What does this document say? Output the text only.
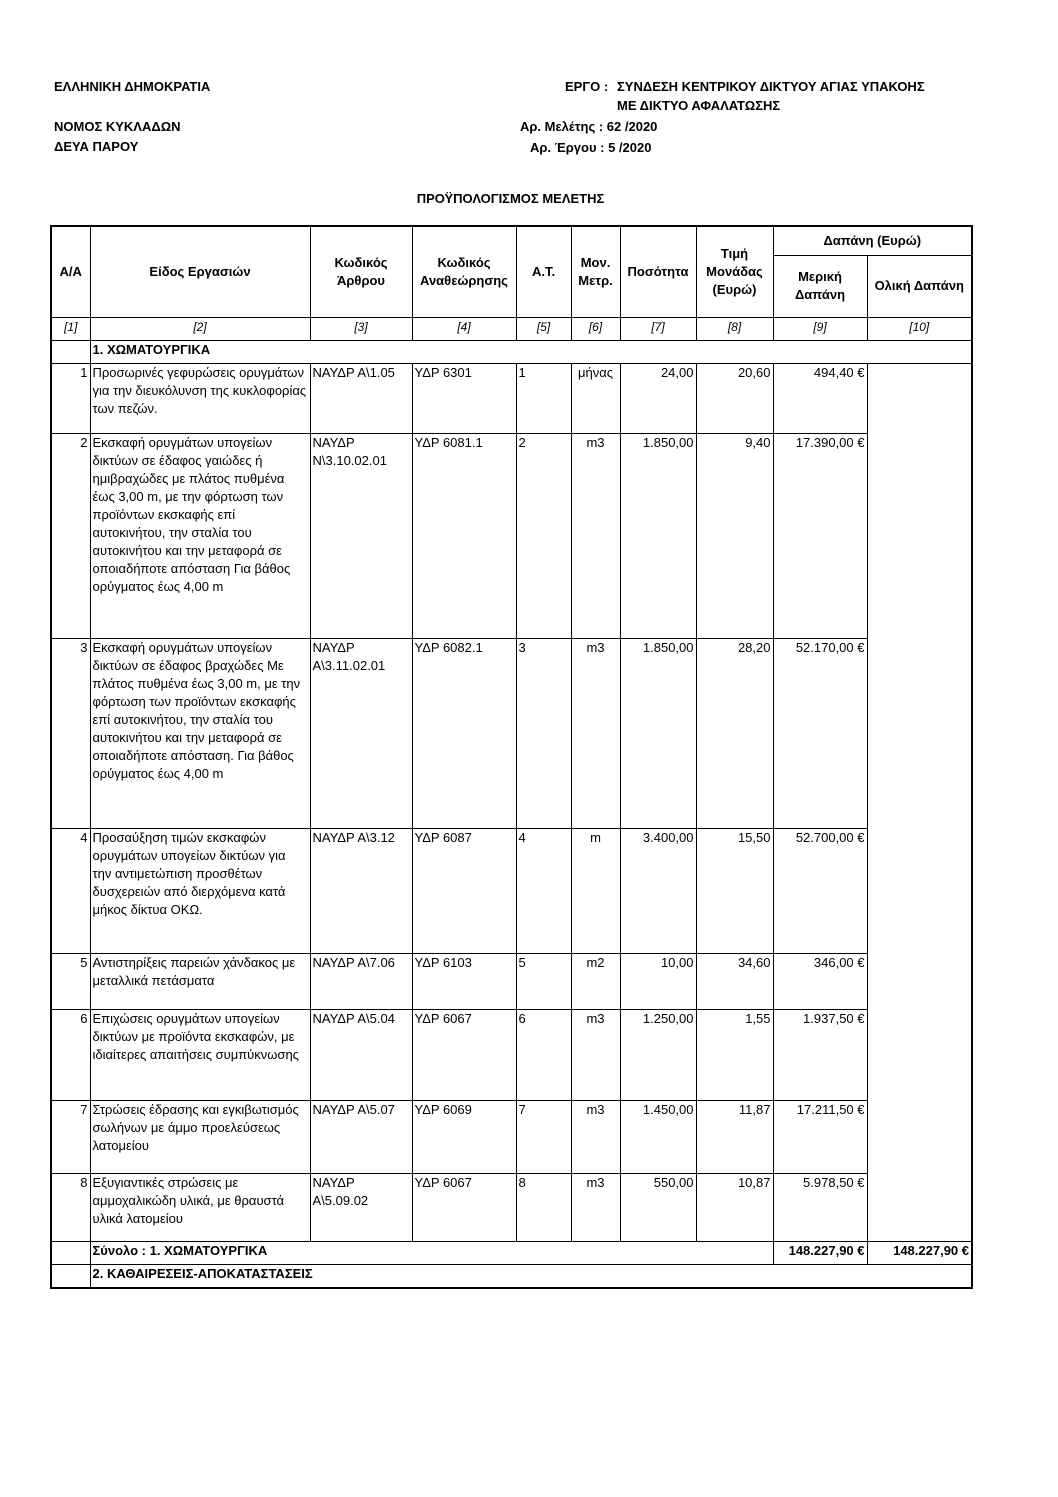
ΕΛΛΗΝΙΚΗ ΔΗΜΟΚΡΑΤΙΑ
ΝΟΜΟΣ ΚΥΚΛΑΔΩΝ
ΔΕΥΑ ΠΑΡΟΥ
ΕΡΓΟ : ΣΥΝΔΕΣΗ ΚΕΝΤΡΙΚΟΥ ΔΙΚΤΥΟΥ ΑΓΙΑΣ ΥΠΑΚΟΗΣ
ΜΕ ΔΙΚΤΥΟ ΑΦΑΛΑΤΩΣΗΣ
Αρ. Μελέτης : 62 /2020
Αρ. Έργου : 5 /2020
ΠΡΟΫΠΟΛΟΓΙΣΜΟΣ ΜΕΛΕΤΗΣ
Α/Α	Είδος Εργασιών	Κωδικός Άρθρου	Κωδικός Αναθεώρησης	Α.Τ.	Μον. Μετρ.	Ποσότητα	Τιμή Μονάδας (Ευρώ)	Δαπάνη (Ευρώ)	
								Μερική Δαπάνη	Ολική Δαπάνη
[1]	[2]	[3]	[4]	[5]	[6]	[7]	[8]	[9]	[10]
	1. ΧΩΜΑΤΟΥΡΓΙΚΑ								
1	Προσωρινές γεφυρώσεις ορυγμάτων για την διευκόλυνση της κυκλοφορίας των πεζών.	ΝΑΥΔΡ Α\1.05	ΥΔΡ 6301	1	μήνας	24,00	20,60	494,40 €	
2	Εκσκαφή ορυγμάτων υπογείων δικτύων σε έδαφος γαιώδες ή ημιβραχώδες με πλάτος πυθμένα έως 3,00 m, με την φόρτωση των προϊόντων εκσκαφής επί αυτοκινήτου, την σταλία του αυτοκινήτου και την μεταφορά σε οποιαδήποτε απόσταση Για βάθος ορύγματος έως 4,00 m	ΝΑΥΔΡ Ν\3.10.02.01	ΥΔΡ 6081.1	2	m3	1.850,00	9,40	17.390,00 €	
3	Εκσκαφή ορυγμάτων υπογείων δικτύων σε έδαφος βραχώδες Με πλάτος πυθμένα έως 3,00 m, με την φόρτωση των προϊόντων εκσκαφής επί αυτοκινήτου, την σταλία του αυτοκινήτου και την μεταφορά σε οποιαδήποτε απόσταση. Για βάθος ορύγματος έως 4,00 m	ΝΑΥΔΡ Α\3.11.02.01	ΥΔΡ 6082.1	3	m3	1.850,00	28,20	52.170,00 €	
4	Προσαύξηση τιμών εκσκαφών ορυγμάτων υπογείων δικτύων για την αντιμετώπιση προσθέτων δυσχερειών από διερχόμενα κατά μήκος δίκτυα ΟΚΩ.	ΝΑΥΔΡ Α\3.12	ΥΔΡ 6087	4	m	3.400,00	15,50	52.700,00 €	
5	Αντιστηρίξεις παρειών χάνδακος με μεταλλικά πετάσματα	ΝΑΥΔΡ Α\7.06	ΥΔΡ 6103	5	m2	10,00	34,60	346,00 €	
6	Επιχώσεις ορυγμάτων υπογείων δικτύων με προϊόντα εκσκαφών, με ιδιαίτερες απαιτήσεις συμπύκνωσης	ΝΑΥΔΡ Α\5.04	ΥΔΡ 6067	6	m3	1.250,00	1,55	1.937,50 €	
7	Στρώσεις έδρασης και εγκιβωτισμός σωλήνων με άμμο προελεύσεως λατομείου	ΝΑΥΔΡ Α\5.07	ΥΔΡ 6069	7	m3	1.450,00	11,87	17.211,50 €	
8	Εξυγιαντικές στρώσεις με αμμοχαλικώδη υλικά, με θραυστά υλικά λατομείου	ΝΑΥΔΡ Α\5.09.02	ΥΔΡ 6067	8	m3	550,00	10,87	5.978,50 €	
	Σύνολο : 1. ΧΩΜΑΤΟΥΡΓΙΚΑ							148.227,90 €	148.227,90 €
	2. ΚΑΘΑΙΡΕΣΕΙΣ-ΑΠΟΚΑΤΑΣΤΑΣΕΙΣ								
